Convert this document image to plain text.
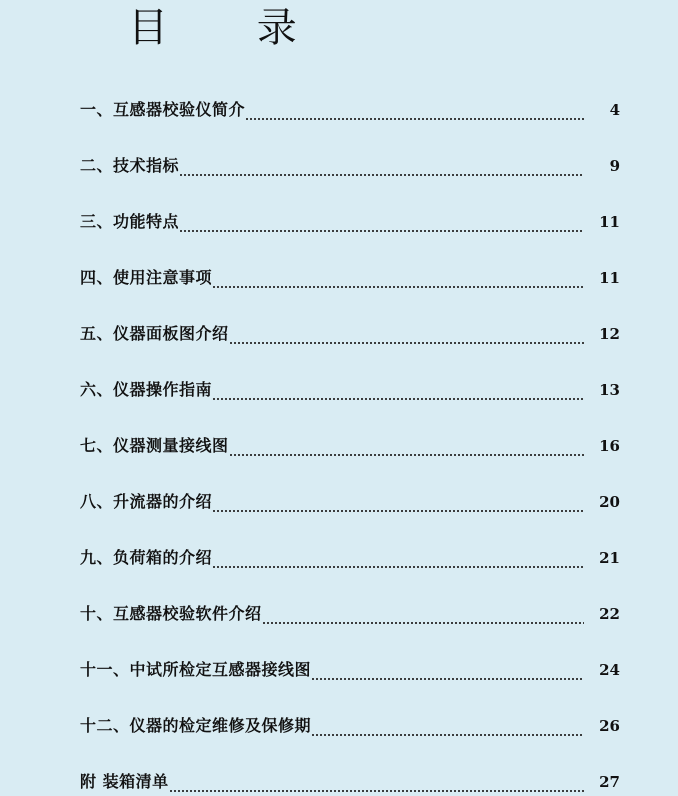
目 录
一、互感器校验仪简介	4
二、技术指标	9
三、功能特点	11
四、使用注意事项	11
五、仪器面板图介绍	12
六、仪器操作指南	13
七、仪器测量接线图	16
八、升流器的介绍	20
九、负荷箱的介绍	21
十、互感器校验软件介绍	22
十一、中试所检定互感器接线图	24
十二、仪器的检定维修及保修期	26
附 装箱清单	27
